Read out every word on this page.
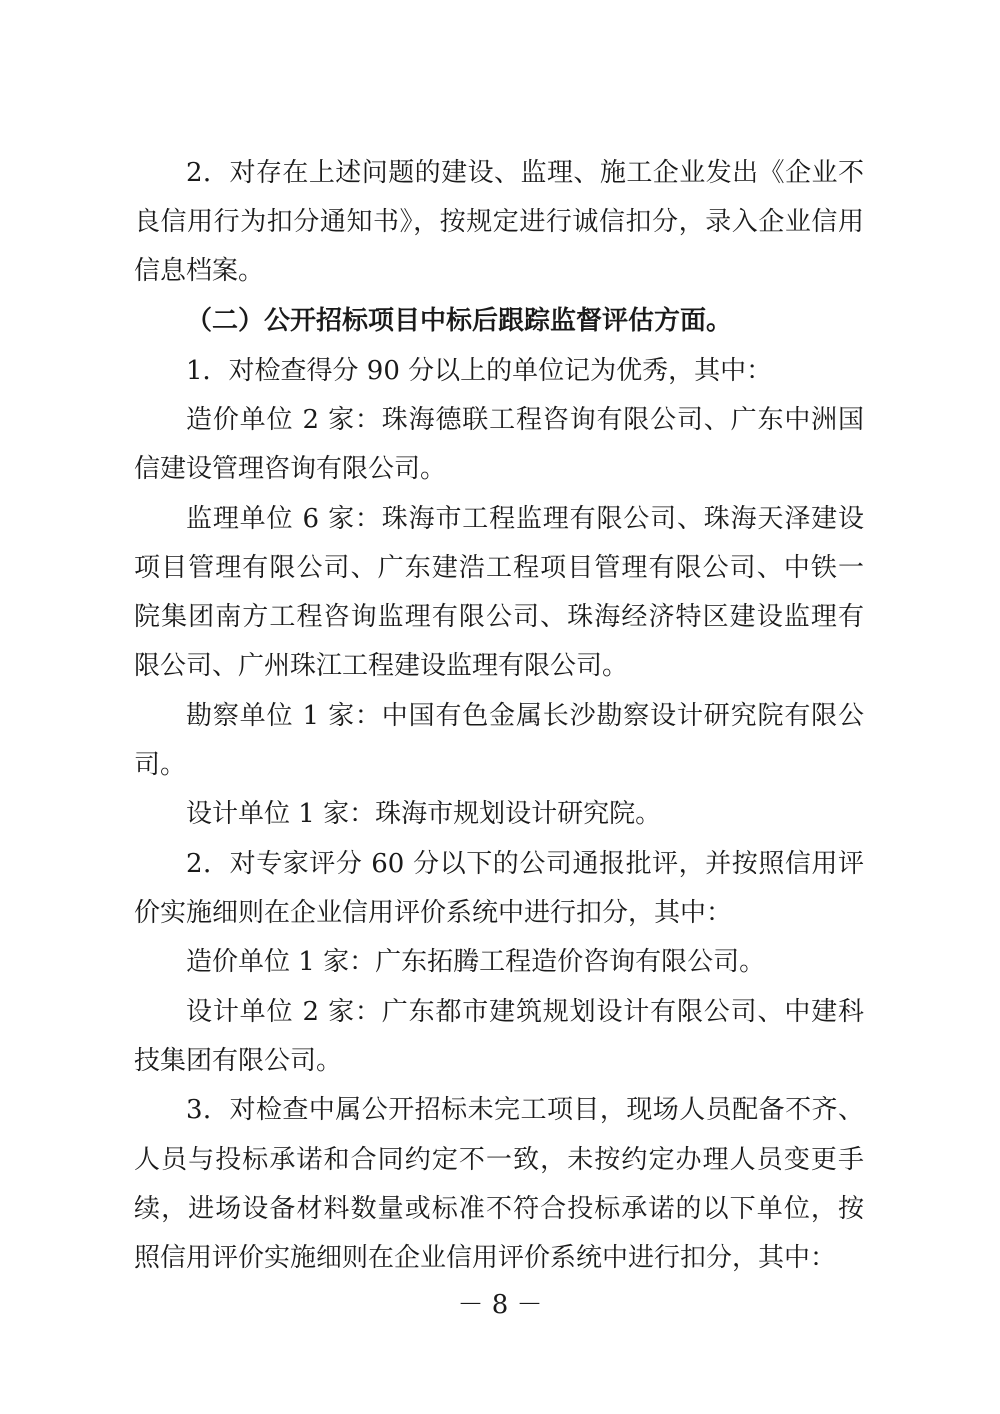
2．对存在上述问题的建设、监理、施工企业发出《企业不
良信用行为扣分通知书》，按规定进行诚信扣分，录入企业信用
信息档案。
（二）公开招标项目中标后跟踪监督评估方面。
1．对检查得分 90 分以上的单位记为优秀，其中：
造价单位 2 家：珠海德联工程咨询有限公司、广东中洲国
信建设管理咨询有限公司。
监理单位 6 家：珠海市工程监理有限公司、珠海天泽建设
项目管理有限公司、广东建浩工程项目管理有限公司、中铁一
院集团南方工程咨询监理有限公司、珠海经济特区建设监理有
限公司、广州珠江工程建设监理有限公司。
勘察单位 1 家：中国有色金属长沙勘察设计研究院有限公
司。
设计单位 1 家：珠海市规划设计研究院。
2．对专家评分 60 分以下的公司通报批评，并按照信用评
价实施细则在企业信用评价系统中进行扣分，其中：
造价单位 1 家：广东拓腾工程造价咨询有限公司。
设计单位 2 家：广东都市建筑规划设计有限公司、中建科
技集团有限公司。
3．对检查中属公开招标未完工项目，现场人员配备不齐、
人员与投标承诺和合同约定不一致，未按约定办理人员变更手
续，进场设备材料数量或标准不符合投标承诺的以下单位，按
照信用评价实施细则在企业信用评价系统中进行扣分，其中：
－ 8 －
